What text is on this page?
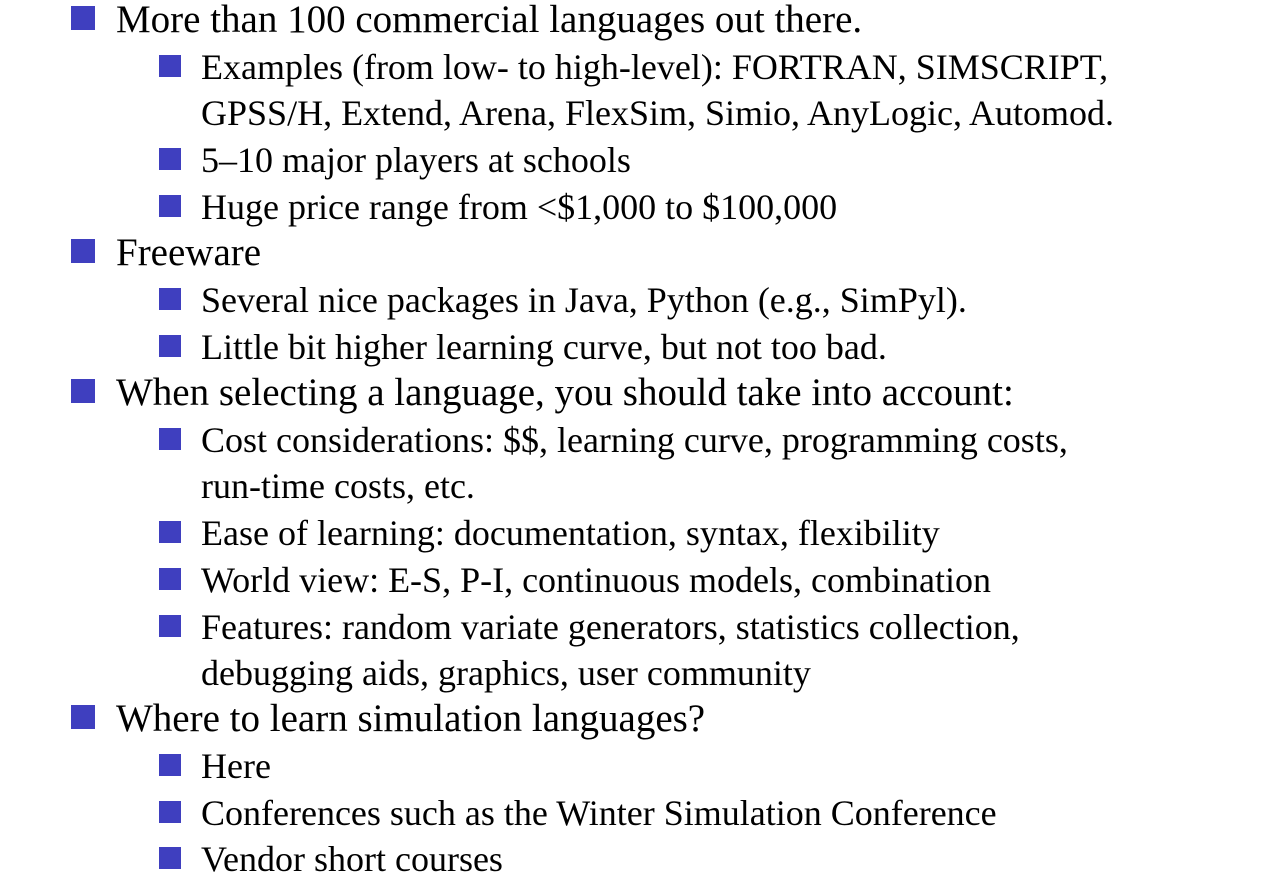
More than 100 commercial languages out there.
Examples (from low- to high-level): FORTRAN, SIMSCRIPT,
GPSS/H, Extend, Arena, FlexSim, Simio, AnyLogic, Automod.
5–10 major players at schools
Huge price range from <$1,000 to $100,000
Freeware
Several nice packages in Java, Python (e.g., SimPyl).
Little bit higher learning curve, but not too bad.
When selecting a language, you should take into account:
Cost considerations: $$, learning curve, programming costs,
run-time costs, etc.
Ease of learning: documentation, syntax, flexibility
World view: E-S, P-I, continuous models, combination
Features: random variate generators, statistics collection,
debugging aids, graphics, user community
Where to learn simulation languages?
Here
Conferences such as the Winter Simulation Conference
Vendor short courses
